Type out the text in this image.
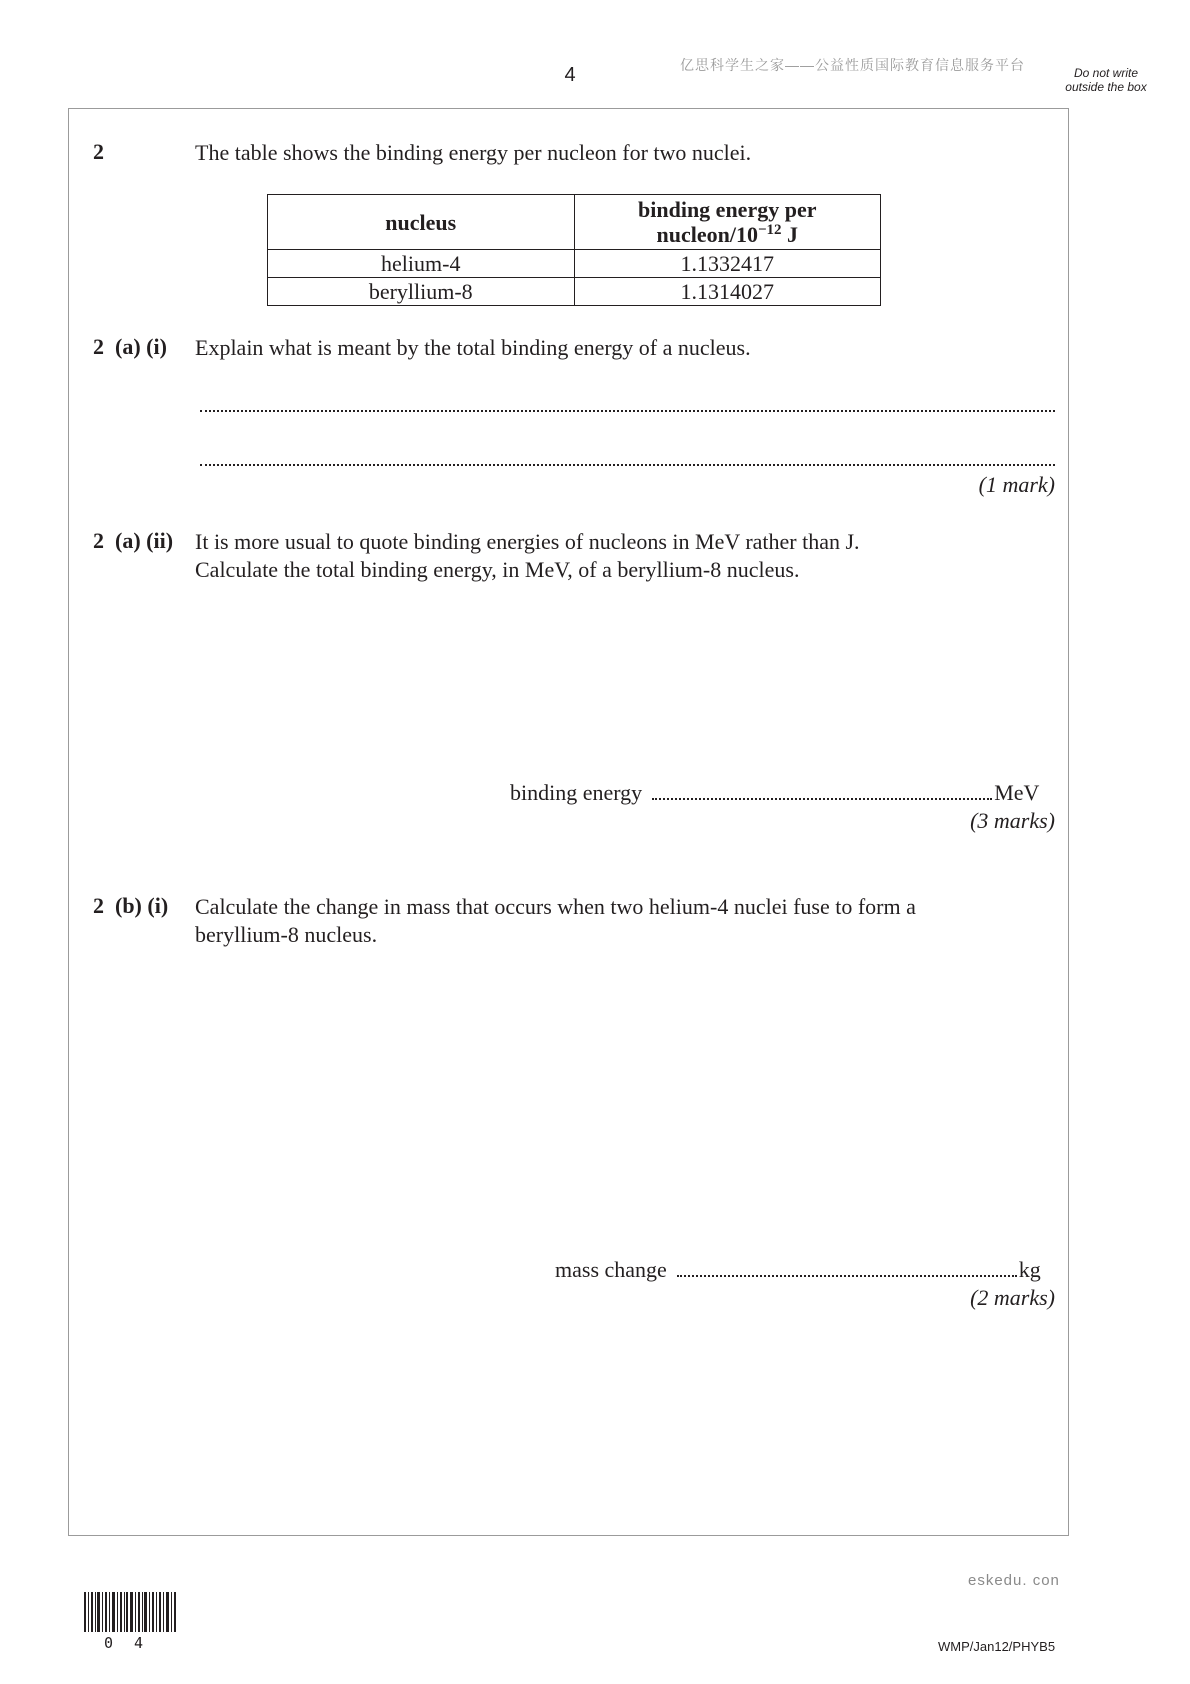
4	亿思科学生之家——公益性质国际教育信息服务平台	Do not write outside the box
2	The table shows the binding energy per nucleon for two nuclei.
nucleus	binding energy per
nucleon/$10^{-12}$ J
helium-4	1.1332417
beryllium-8	1.1314027
2  (a) (i) Explain what is meant by the total binding energy of a nucleus.
(1 mark)
2  (a) (ii) It is more usual to quote binding energies of nucleons in MeV rather than J.
Calculate the total binding energy, in MeV, of a beryllium-8 nucleus.
binding energy	MeV
(3 marks)
2  (b) (i) Calculate the change in mass that occurs when two helium-4 nuclei fuse to form a
beryllium-8 nucleus.
mass change	kg
(2 marks)
eskedu. con
0 4	WMP/Jan12/PHYB5
